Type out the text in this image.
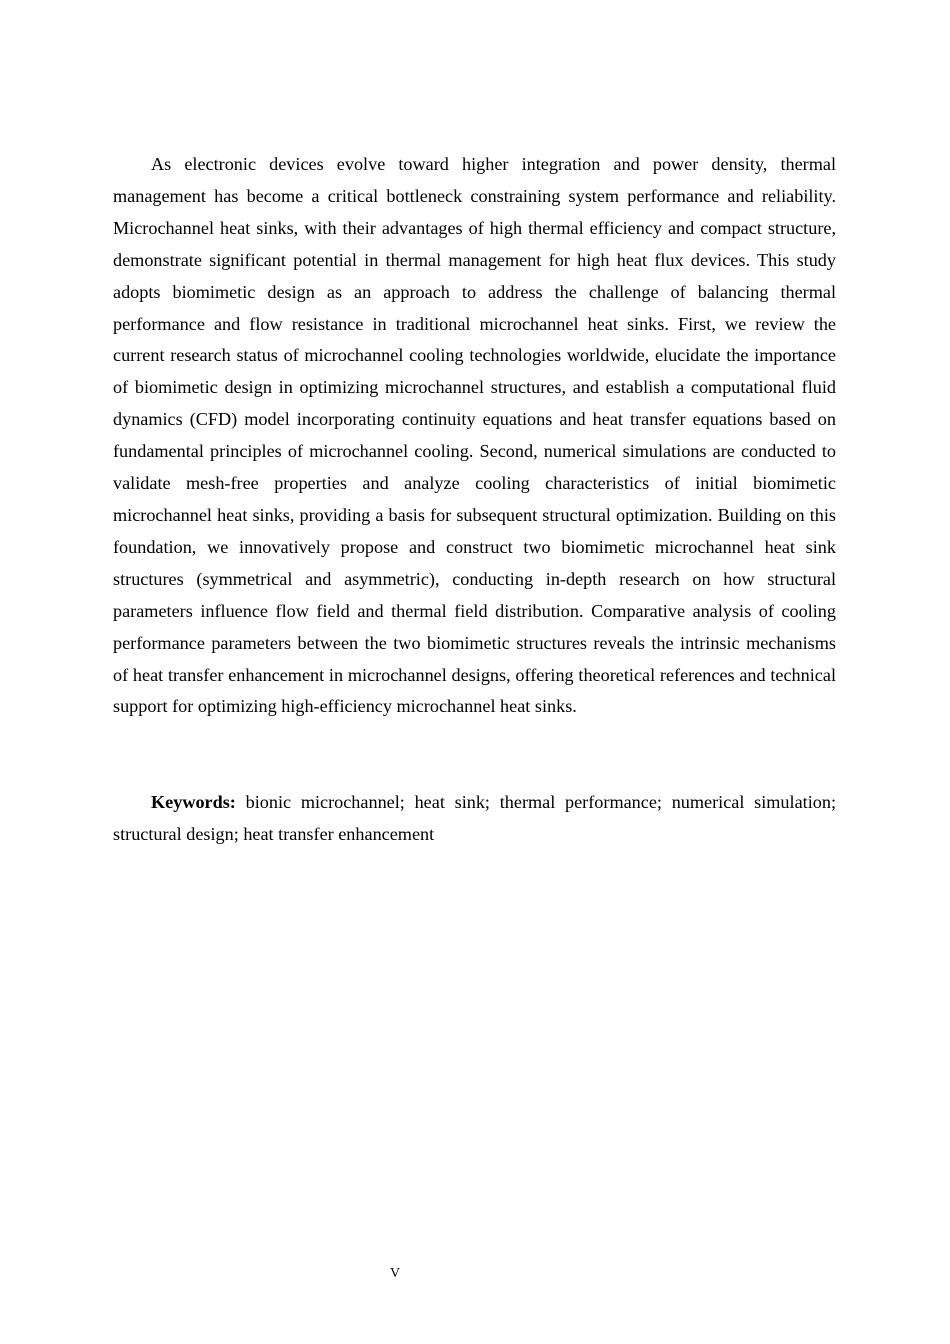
As electronic devices evolve toward higher integration and power density, thermal management has become a critical bottleneck constraining system performance and reliability. Microchannel heat sinks, with their advantages of high thermal efficiency and compact structure, demonstrate significant potential in thermal management for high heat flux devices. This study adopts biomimetic design as an approach to address the challenge of balancing thermal performance and flow resistance in traditional microchannel heat sinks. First, we review the current research status of microchannel cooling technologies worldwide, elucidate the importance of biomimetic design in optimizing microchannel structures, and establish a computational fluid dynamics (CFD) model incorporating continuity equations and heat transfer equations based on fundamental principles of microchannel cooling. Second, numerical simulations are conducted to validate mesh-free properties and analyze cooling characteristics of initial biomimetic microchannel heat sinks, providing a basis for subsequent structural optimization. Building on this foundation, we innovatively propose and construct two biomimetic microchannel heat sink structures (symmetrical and asymmetric), conducting in-depth research on how structural parameters influence flow field and thermal field distribution. Comparative analysis of cooling performance parameters between the two biomimetic structures reveals the intrinsic mechanisms of heat transfer enhancement in microchannel designs, offering theoretical references and technical support for optimizing high-efficiency microchannel heat sinks.

Keywords: bionic microchannel; heat sink; thermal performance; numerical simulation; structural design; heat transfer enhancement

V
